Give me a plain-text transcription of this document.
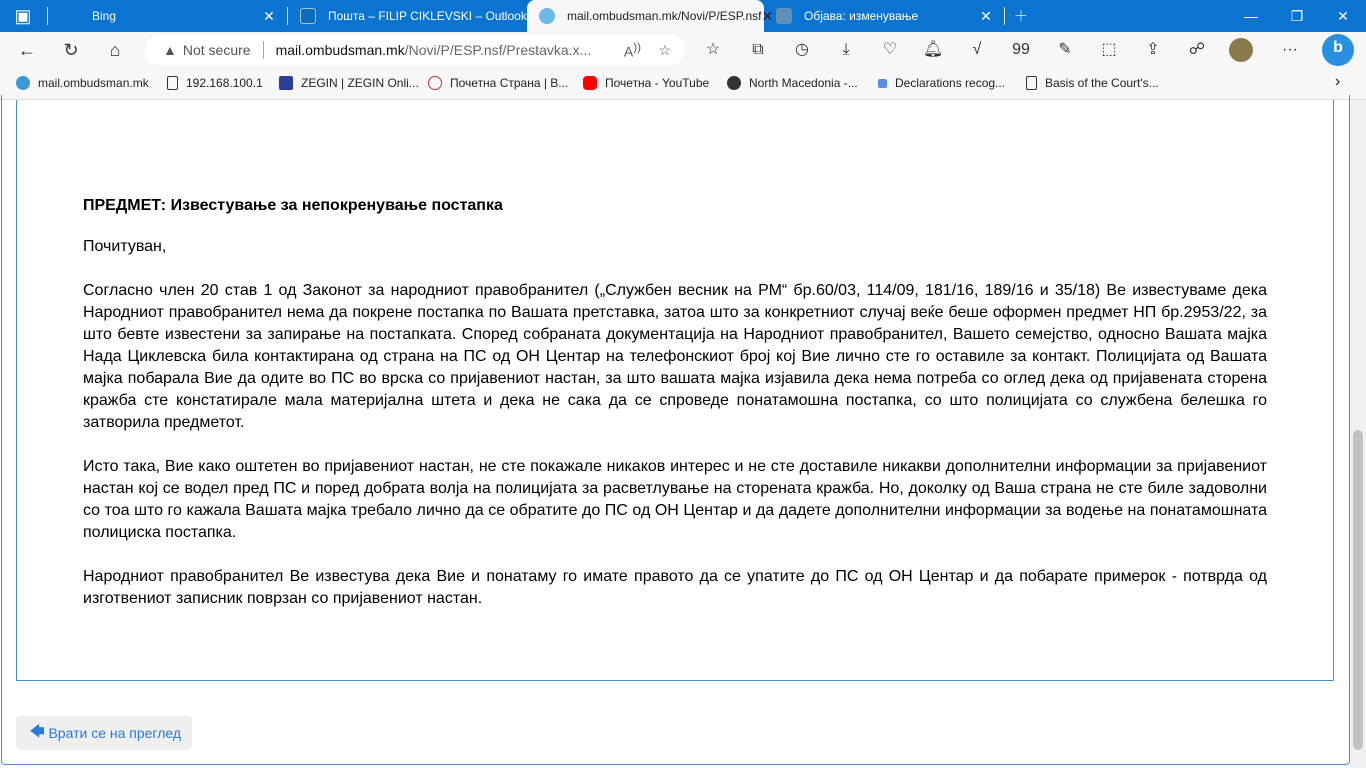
▣	Bing	✕	Пошта – FILIP CIKLEVSKI – Outlook	mail.ombudsman.mk/Novi/P/ESP.nsf ✕	Објава: изменување	✕	＋	—	❐	✕
←	↻	⌂	▲ Not secure mail.ombudsman.mk /Novi/P/ESP.nsf/Prestavka.x... A)) ☆	☆	⧉	◷	⤓	♡	🔔︎	√	99	✎	⬚	⇪	☍	···	b
mail.ombudsman.mk	192.168.100.1	ZEGIN | ZEGIN Onli...	Почетна Страна | В...	Почетна - YouTube	North Macedonia -...	Declarations recog...	Basis of the Court's...	›
ПРЕДМЕТ: Известување за непокренување постапка

Почитуван,

Согласно член 20 став 1 од Законот за народниот правобранител („Службен весник на РМ“ бр.60/03, 114/09, 181/16, 189/16 и 35/18) Ве известуваме дека Народниот правобранител нема да покрене постапка по Вашата претставка, затоа што за конкретниот случај веќе беше оформен предмет НП бр.2953/22, за што бевте известени за запирање на постапката. Според собраната документација на Народниот правобранител, Вашето семејство, односно Вашата мајка Нада Циклевска била контактирана од страна на ПС од ОН Центар на телефонскиот број кој Вие лично сте го оставиле за контакт. Полицијата од Вашата мајка побарала Вие да одите во ПС во врска со пријавениот настан, за што вашата мајка изјавила дека нема потреба со оглед дека од пријавената сторена кражба сте констатирале мала материјална штета и дека не сака да се спроведе понатамошна постапка, со што полицијата со службена белешка го затворила предметот.

Исто така, Вие како оштетен во пријавениот настан, не сте покажале никаков интерес и не сте доставиле никакви дополнителни информации за пријавениот настан кој се водел пред ПС и поред добрата волја на полицијата за расветлување на сторената кражба. Но, доколку од Ваша страна не сте биле задоволни со тоа што го кажала Вашата мајка требало лично да се обратите до ПС од ОН Центар и да дадете дополнителни информации за водење на понатамошната полициска постапка.

Народниот правобранител Ве известува дека Вие и понатаму го имате правото да се упатите до ПС од ОН Центар и да побарате примерок - потврда од изготвениот записник поврзан со пријавениот настан.

🡄 Врати се на преглед
